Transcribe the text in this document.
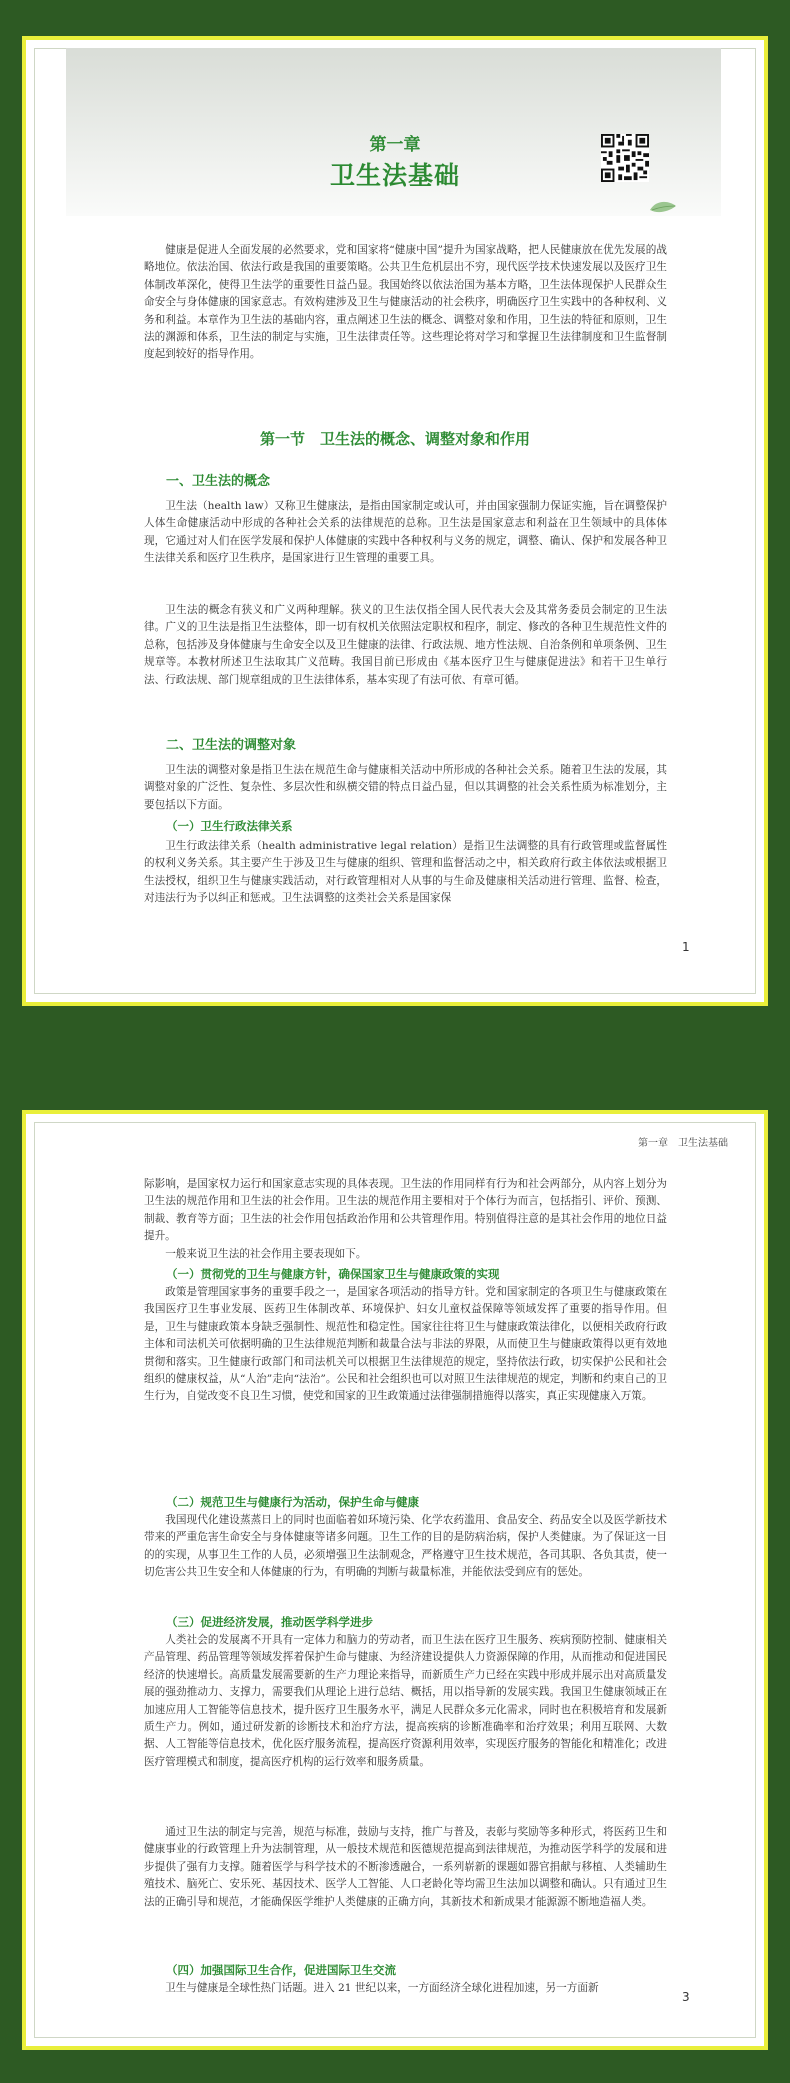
第一章
卫生法基础

健康是促进人全面发展的必然要求，党和国家将“健康中国”提升为国家战略，把人民健康放在优先发展的战略地位。依法治国、依法行政是我国的重要策略。公共卫生危机层出不穷，现代医学技术快速发展以及医疗卫生体制改革深化，使得卫生法学的重要性日益凸显。我国始终以依法治国为基本方略，卫生法体现保护人民群众生命安全与身体健康的国家意志。有效构建涉及卫生与健康活动的社会秩序，明确医疗卫生实践中的各种权利、义务和利益。本章作为卫生法的基础内容，重点阐述卫生法的概念、调整对象和作用，卫生法的特征和原则，卫生法的渊源和体系，卫生法的制定与实施，卫生法律责任等。这些理论将对学习和掌握卫生法律制度和卫生监督制度起到较好的指导作用。

第一节　卫生法的概念、调整对象和作用
一、卫生法的概念

卫生法（health law）又称卫生健康法，是指由国家制定或认可，并由国家强制力保证实施，旨在调整保护人体生命健康活动中形成的各种社会关系的法律规范的总称。卫生法是国家意志和利益在卫生领域中的具体体现，它通过对人们在医学发展和保护人体健康的实践中各种权利与义务的规定，调整、确认、保护和发展各种卫生法律关系和医疗卫生秩序，是国家进行卫生管理的重要工具。

卫生法的概念有狭义和广义两种理解。狭义的卫生法仅指全国人民代表大会及其常务委员会制定的卫生法律。广义的卫生法是指卫生法整体，即一切有权机关依照法定职权和程序，制定、修改的各种卫生规范性文件的总称，包括涉及身体健康与生命安全以及卫生健康的法律、行政法规、地方性法规、自治条例和单项条例、卫生规章等。本教材所述卫生法取其广义范畴。我国目前已形成由《基本医疗卫生与健康促进法》和若干卫生单行法、行政法规、部门规章组成的卫生法律体系，基本实现了有法可依、有章可循。

二、卫生法的调整对象

卫生法的调整对象是指卫生法在规范生命与健康相关活动中所形成的各种社会关系。随着卫生法的发展，其调整对象的广泛性、复杂性、多层次性和纵横交错的特点日益凸显，但以其调整的社会关系性质为标准划分，主要包括以下方面。

（一）卫生行政法律关系

卫生行政法律关系（health administrative legal relation）是指卫生法调整的具有行政管理或监督属性的权利义务关系。其主要产生于涉及卫生与健康的组织、管理和监督活动之中，相关政府行政主体依法或根据卫生法授权，组织卫生与健康实践活动，对行政管理相对人从事的与生命及健康相关活动进行管理、监督、检查，对违法行为予以纠正和惩戒。卫生法调整的这类社会关系是国家保

1
第一章　卫生法基础

际影响，是国家权力运行和国家意志实现的具体表现。卫生法的作用同样有行为和社会两部分，从内容上划分为卫生法的规范作用和卫生法的社会作用。卫生法的规范作用主要相对于个体行为而言，包括指引、评价、预测、制裁、教育等方面；卫生法的社会作用包括政治作用和公共管理作用。特别值得注意的是其社会作用的地位日益提升。

一般来说卫生法的社会作用主要表现如下。

（一）贯彻党的卫生与健康方针，确保国家卫生与健康政策的实现

政策是管理国家事务的重要手段之一，是国家各项活动的指导方针。党和国家制定的各项卫生与健康政策在我国医疗卫生事业发展、医药卫生体制改革、环境保护、妇女儿童权益保障等领域发挥了重要的指导作用。但是，卫生与健康政策本身缺乏强制性、规范性和稳定性。国家往往将卫生与健康政策法律化，以便相关政府行政主体和司法机关可依据明确的卫生法律规范判断和裁量合法与非法的界限，从而使卫生与健康政策得以更有效地贯彻和落实。卫生健康行政部门和司法机关可以根据卫生法律规范的规定，坚持依法行政，切实保护公民和社会组织的健康权益，从“人治”走向“法治”。公民和社会组织也可以对照卫生法律规范的规定，判断和约束自己的卫生行为，自觉改变不良卫生习惯，使党和国家的卫生政策通过法律强制措施得以落实，真正实现健康入万策。

（二）规范卫生与健康行为活动，保护生命与健康

我国现代化建设蒸蒸日上的同时也面临着如环境污染、化学农药滥用、食品安全、药品安全以及医学新技术带来的严重危害生命安全与身体健康等诸多问题。卫生工作的目的是防病治病，保护人类健康。为了保证这一目的的实现，从事卫生工作的人员，必须增强卫生法制观念，严格遵守卫生技术规范，各司其职、各负其责，使一切危害公共卫生安全和人体健康的行为，有明确的判断与裁量标准，并能依法受到应有的惩处。

（三）促进经济发展，推动医学科学进步

人类社会的发展离不开具有一定体力和脑力的劳动者，而卫生法在医疗卫生服务、疾病预防控制、健康相关产品管理、药品管理等领域发挥着保护生命与健康、为经济建设提供人力资源保障的作用，从而推动和促进国民经济的快速增长。高质量发展需要新的生产力理论来指导，而新质生产力已经在实践中形成并展示出对高质量发展的强劲推动力、支撑力，需要我们从理论上进行总结、概括，用以指导新的发展实践。我国卫生健康领域正在加速应用人工智能等信息技术，提升医疗卫生服务水平，满足人民群众多元化需求，同时也在积极培育和发展新质生产力。例如，通过研发新的诊断技术和治疗方法，提高疾病的诊断准确率和治疗效果；利用互联网、大数据、人工智能等信息技术，优化医疗服务流程，提高医疗资源利用效率，实现医疗服务的智能化和精准化；改进医疗管理模式和制度，提高医疗机构的运行效率和服务质量。

通过卫生法的制定与完善，规范与标准，鼓励与支持，推广与普及，表彰与奖励等多种形式，将医药卫生和健康事业的行政管理上升为法制管理，从一般技术规范和医德规范提高到法律规范，为推动医学科学的发展和进步提供了强有力支撑。随着医学与科学技术的不断渗透融合，一系列崭新的课题如器官捐献与移植、人类辅助生殖技术、脑死亡、安乐死、基因技术、医学人工智能、人口老龄化等均需卫生法加以调整和确认。只有通过卫生法的正确引导和规范，才能确保医学维护人类健康的正确方向，其新技术和新成果才能源源不断地造福人类。

（四）加强国际卫生合作，促进国际卫生交流

卫生与健康是全球性热门话题。进入 21 世纪以来，一方面经济全球化进程加速，另一方面新

3
